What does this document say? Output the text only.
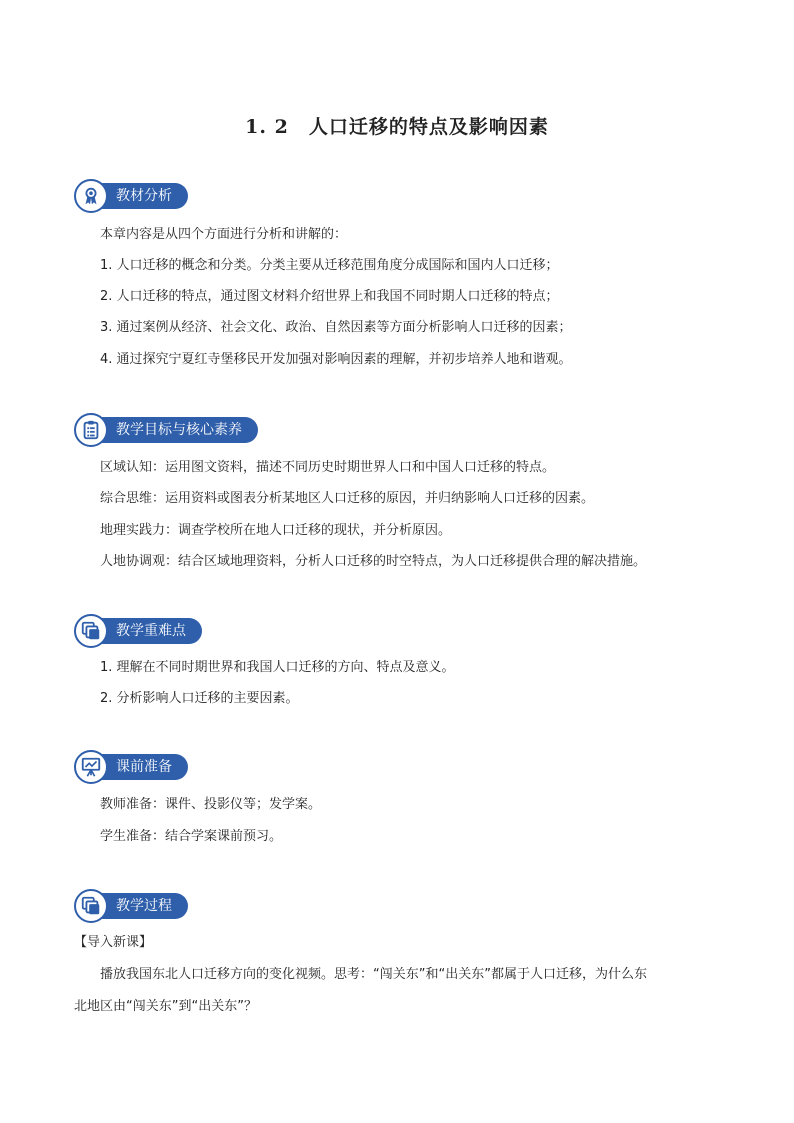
1. 2　人口迁移的特点及影响因素
教材分析
本章内容是从四个方面进行分析和讲解的：
1. 人口迁移的概念和分类。分类主要从迁移范围角度分成国际和国内人口迁移；
2. 人口迁移的特点，通过图文材料介绍世界上和我国不同时期人口迁移的特点；
3. 通过案例从经济、社会文化、政治、自然因素等方面分析影响人口迁移的因素；
4. 通过探究宁夏红寺堡移民开发加强对影响因素的理解，并初步培养人地和谐观。
教学目标与核心素养
区域认知：运用图文资料，描述不同历史时期世界人口和中国人口迁移的特点。
综合思维：运用资料或图表分析某地区人口迁移的原因，并归纳影响人口迁移的因素。
地理实践力：调查学校所在地人口迁移的现状，并分析原因。
人地协调观：结合区域地理资料，分析人口迁移的时空特点，为人口迁移提供合理的解决措施。
教学重难点
1. 理解在不同时期世界和我国人口迁移的方向、特点及意义。
2. 分析影响人口迁移的主要因素。
课前准备
教师准备：课件、投影仪等；发学案。
学生准备：结合学案课前预习。
教学过程
【导入新课】
播放我国东北人口迁移方向的变化视频。思考：“闯关东”和“出关东”都属于人口迁移，为什么东
北地区由“闯关东”到“出关东”？
